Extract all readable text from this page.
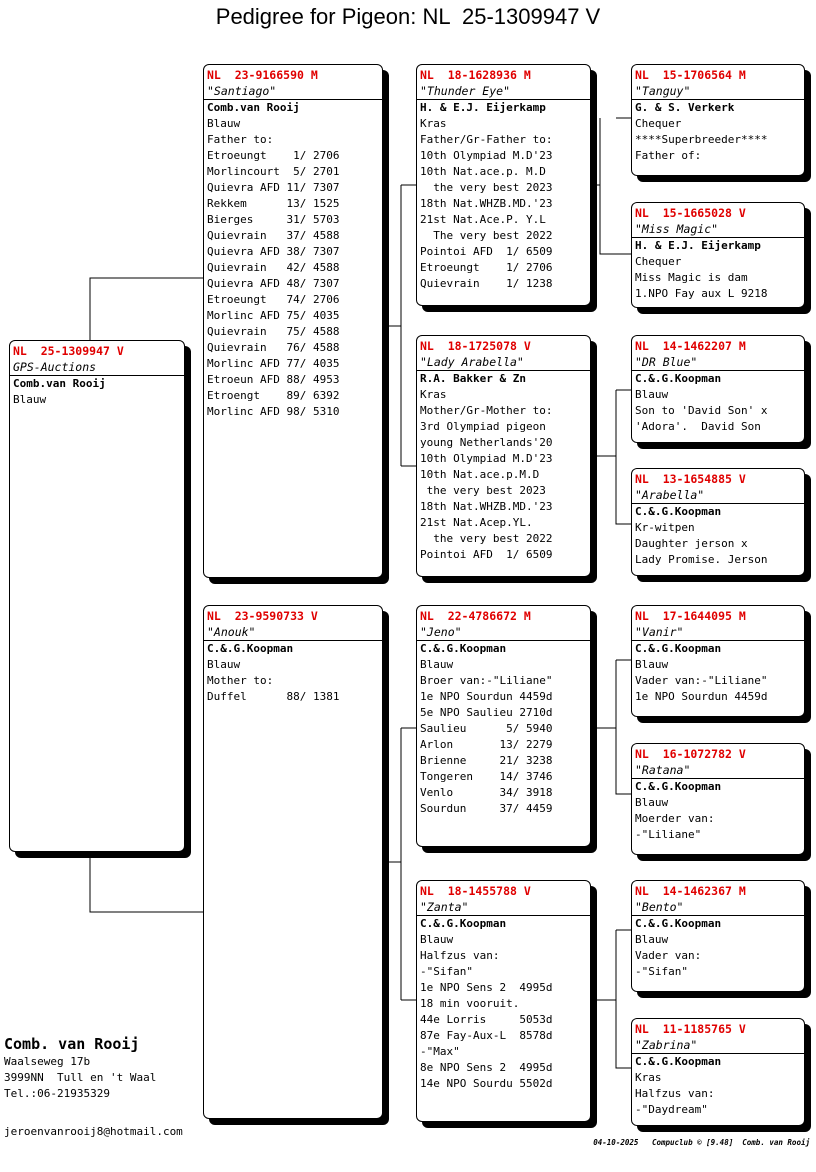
Pedigree for Pigeon: NL  25-1309947 V
NL  25-1309947 V
GPS-Auctions
Comb.van Rooij
Blauw
NL  23-9166590 M
"Santiago"
Comb.van Rooij
Blauw
Father to:
Etroeungt    1/ 2706
Morlincourt  5/ 2701
Quievra AFD 11/ 7307
Rekkem      13/ 1525
Bierges     31/ 5703
Quievrain   37/ 4588
Quievra AFD 38/ 7307
Quievrain   42/ 4588
Quievra AFD 48/ 7307
Etroeungt   74/ 2706
Morlinc AFD 75/ 4035
Quievrain   75/ 4588
Quievrain   76/ 4588
Morlinc AFD 77/ 4035
Etroeun AFD 88/ 4953
Etroengt    89/ 6392
Morlinc AFD 98/ 5310
NL  23-9590733 V
"Anouk"
C.&.G.Koopman
Blauw
Mother to:
Duffel      88/ 1381
NL  18-1628936 M
"Thunder Eye"
H. & E.J. Eijerkamp
Kras
Father/Gr-Father to:
10th Olympiad M.D'23
10th Nat.ace.p. M.D
the very best 2023
18th Nat.WHZB.MD.'23
21st Nat.Ace.P. Y.L
The very best 2022
Pointoi AFD  1/ 6509
Etroeungt    1/ 2706
Quievrain    1/ 1238
NL  18-1725078 V
"Lady Arabella"
R.A. Bakker & Zn
Kras
Mother/Gr-Mother to:
3rd Olympiad pigeon
young Netherlands'20
10th Olympiad M.D'23
10th Nat.ace.p.M.D
the very best 2023
18th Nat.WHZB.MD.'23
21st Nat.Acep.YL.
the very best 2022
Pointoi AFD  1/ 6509
NL  22-4786672 M
"Jeno"
C.&.G.Koopman
Blauw
Broer van:-"Liliane"
1e NPO Sourdun 4459d
5e NPO Saulieu 2710d
Saulieu      5/ 5940
Arlon       13/ 2279
Brienne     21/ 3238
Tongeren    14/ 3746
Venlo       34/ 3918
Sourdun     37/ 4459
NL  18-1455788 V
"Zanta"
C.&.G.Koopman
Blauw
Halfzus van:
-"Sifan"
1e NPO Sens 2  4995d
18 min vooruit.
44e Lorris     5053d
87e Fay-Aux-L  8578d
-"Max"
8e NPO Sens 2  4995d
14e NPO Sourdu 5502d
NL  15-1706564 M
"Tanguy"
G. & S. Verkerk
Chequer
****Superbreeder****
Father of:
NL  15-1665028 V
"Miss Magic"
H. & E.J. Eijerkamp
Chequer
Miss Magic is dam
1.NPO Fay aux L 9218
NL  14-1462207 M
"DR Blue"
C.&.G.Koopman
Blauw
Son to 'David Son' x
'Adora'.  David Son
NL  13-1654885 V
"Arabella"
C.&.G.Koopman
Kr-witpen
Daughter jerson x
Lady Promise. Jerson
NL  17-1644095 M
"Vanir"
C.&.G.Koopman
Blauw
Vader van:-"Liliane"
1e NPO Sourdun 4459d
NL  16-1072782 V
"Ratana"
C.&.G.Koopman
Blauw
Moerder van:
-"Liliane"
NL  14-1462367 M
"Bento"
C.&.G.Koopman
Blauw
Vader van:
-"Sifan"
NL  11-1185765 V
"Zabrina"
C.&.G.Koopman
Kras
Halfzus van:
-"Daydream"
Comb. van Rooij
Waalseweg 17b
3999NN  Tull en 't Waal
Tel.:06-21935329
jeroenvanrooij8@hotmail.com
04-10-2025   Compuclub © [9.48]  Comb. van Rooij
